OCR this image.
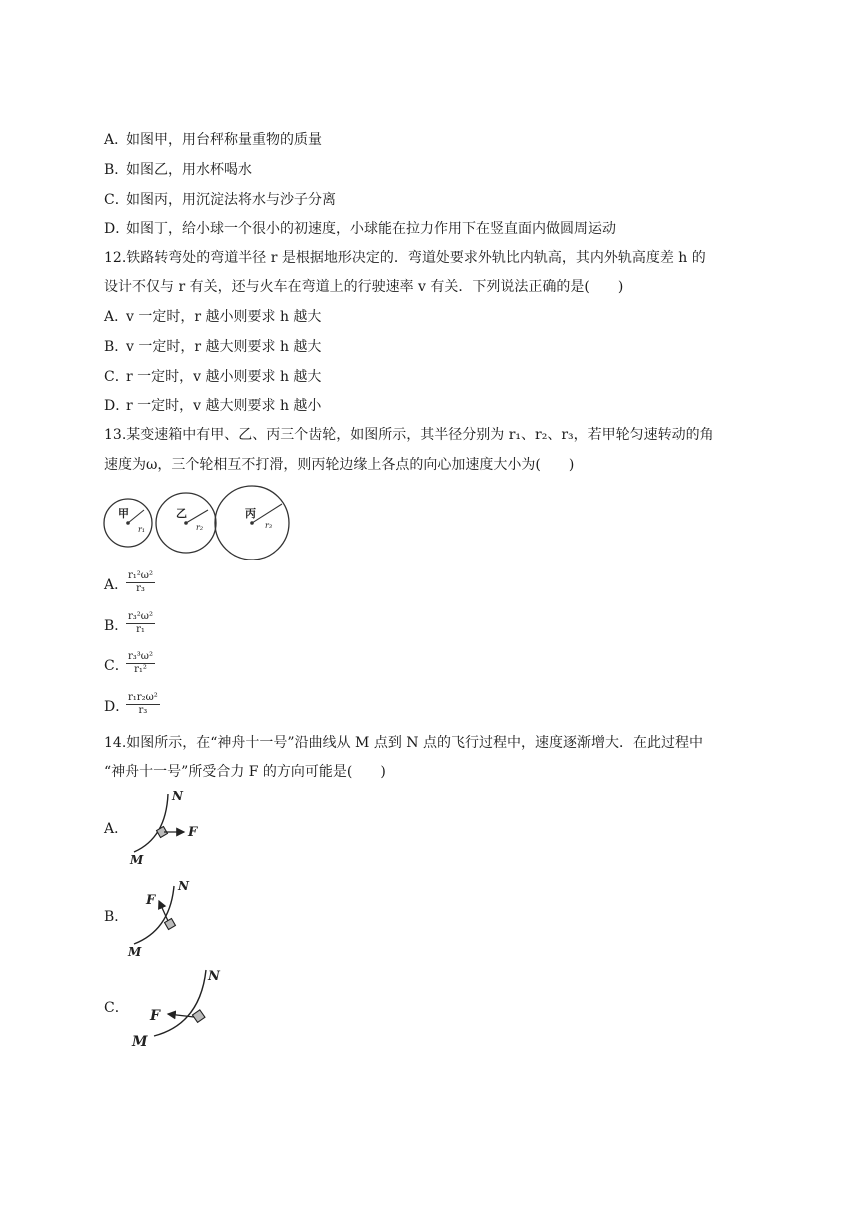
A．如图甲，用台秤称量重物的质量
B．如图乙，用水杯喝水
C．如图丙，用沉淀法将水与沙子分离
D．如图丁，给小球一个很小的初速度，小球能在拉力作用下在竖直面内做圆周运动
12.铁路转弯处的弯道半径 r 是根据地形决定的．弯道处要求外轨比内轨高，其内外轨高度差 h 的
设计不仅与 r 有关，还与火车在弯道上的行驶速率 v 有关．下列说法正确的是(　　)
A．v 一定时，r 越小则要求 h 越大
B．v 一定时，r 越大则要求 h 越大
C．r 一定时，v 越小则要求 h 越大
D．r 一定时，v 越大则要求 h 越小
13.某变速箱中有甲、乙、丙三个齿轮，如图所示，其半径分别为 r₁、r₂、r₃，若甲轮匀速转动的角
速度为ω，三个轮相互不打滑，则丙轮边缘上各点的向心加速度大小为(　　)
甲
r₁
乙
r₂
丙
r₃
A．
$\frac{\text{r₁²ω²}}{\text{r₃}}$
B．
$\frac{\text{r₃²ω²}}{\text{r₁}}$
C．
$\frac{\text{r₃³ω²}}{\text{r₁²}}$
D．
$\frac{\text{r₁r₂ω²}}{\text{r₃}}$
14.如图所示，在“神舟十一号”沿曲线从 M 点到 N 点的飞行过程中，速度逐渐增大．在此过程中
“神舟十一号”所受合力 F 的方向可能是(　　)
A．	F
N
M
B．
F
N
M
C． F
N
M
